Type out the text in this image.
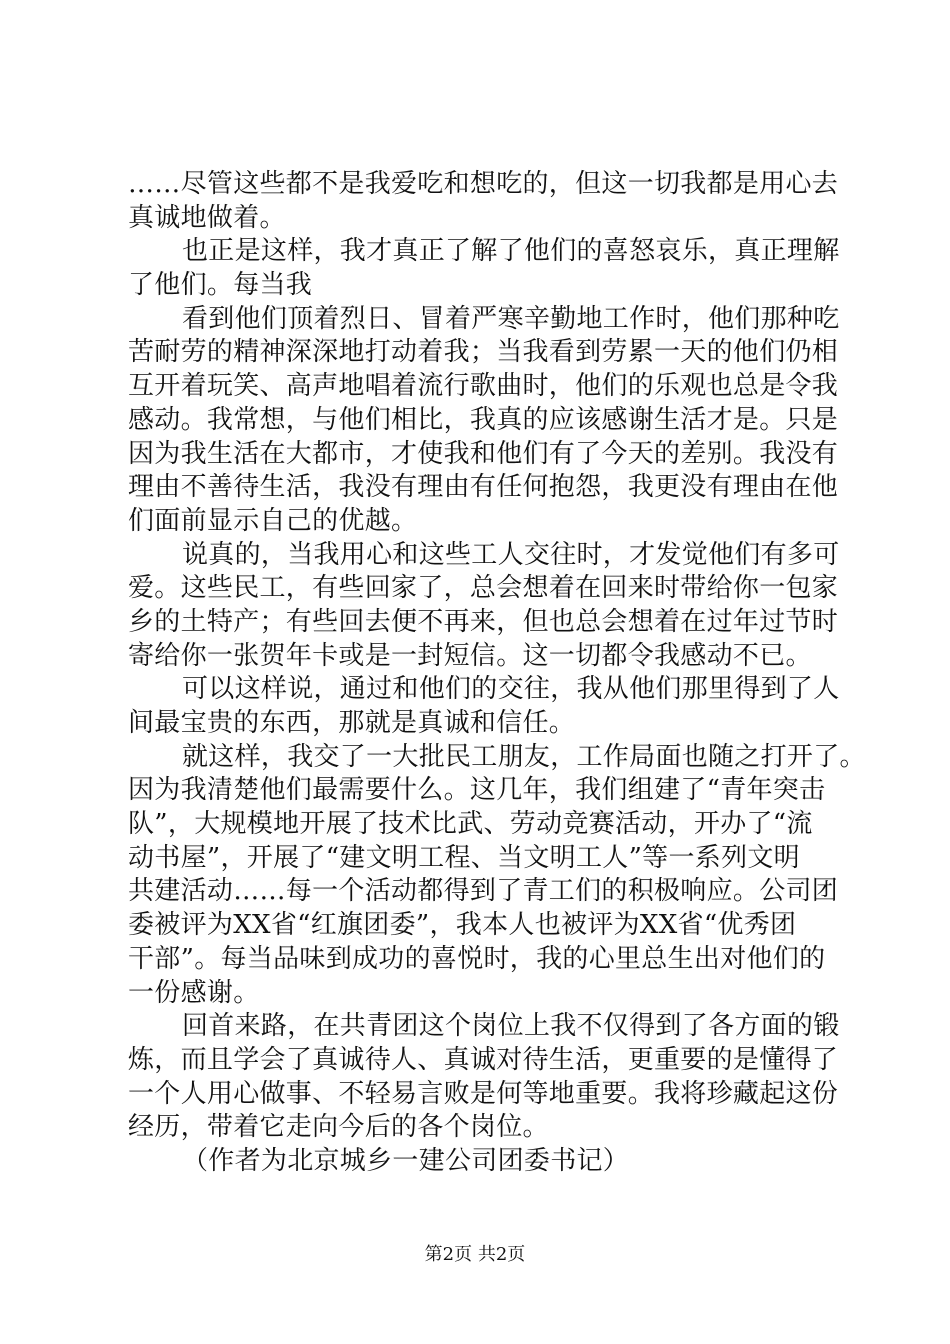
……尽管这些都不是我爱吃和想吃的，但这一切我都是用心去
真诚地做着。
也正是这样，我才真正了解了他们的喜怒哀乐，真正理解
了他们。每当我
看到他们顶着烈日、冒着严寒辛勤地工作时，他们那种吃
苦耐劳的精神深深地打动着我；当我看到劳累一天的他们仍相
互开着玩笑、高声地唱着流行歌曲时，他们的乐观也总是令我
感动。我常想，与他们相比，我真的应该感谢生活才是。只是
因为我生活在大都市，才使我和他们有了今天的差别。我没有
理由不善待生活，我没有理由有任何抱怨，我更没有理由在他
们面前显示自己的优越。
说真的，当我用心和这些工人交往时，才发觉他们有多可
爱。这些民工，有些回家了，总会想着在回来时带给你一包家
乡的土特产；有些回去便不再来，但也总会想着在过年过节时
寄给你一张贺年卡或是一封短信。这一切都令我感动不已。
可以这样说，通过和他们的交往，我从他们那里得到了人
间最宝贵的东西，那就是真诚和信任。
就这样，我交了一大批民工朋友，工作局面也随之打开了。
因为我清楚他们最需要什么。这几年，我们组建了“青年突击
队”，大规模地开展了技术比武、劳动竞赛活动，开办了“流
动书屋”，开展了“建文明工程、当文明工人”等一系列文明
共建活动……每一个活动都得到了青工们的积极响应。公司团
委被评为XX省“红旗团委”，我本人也被评为XX省“优秀团
干部”。每当品味到成功的喜悦时，我的心里总生出对他们的
一份感谢。
回首来路，在共青团这个岗位上我不仅得到了各方面的锻
炼，而且学会了真诚待人、真诚对待生活，更重要的是懂得了
一个人用心做事、不轻易言败是何等地重要。我将珍藏起这份
经历，带着它走向今后的各个岗位。
（作者为北京城乡一建公司团委书记）
第2页 共2页
